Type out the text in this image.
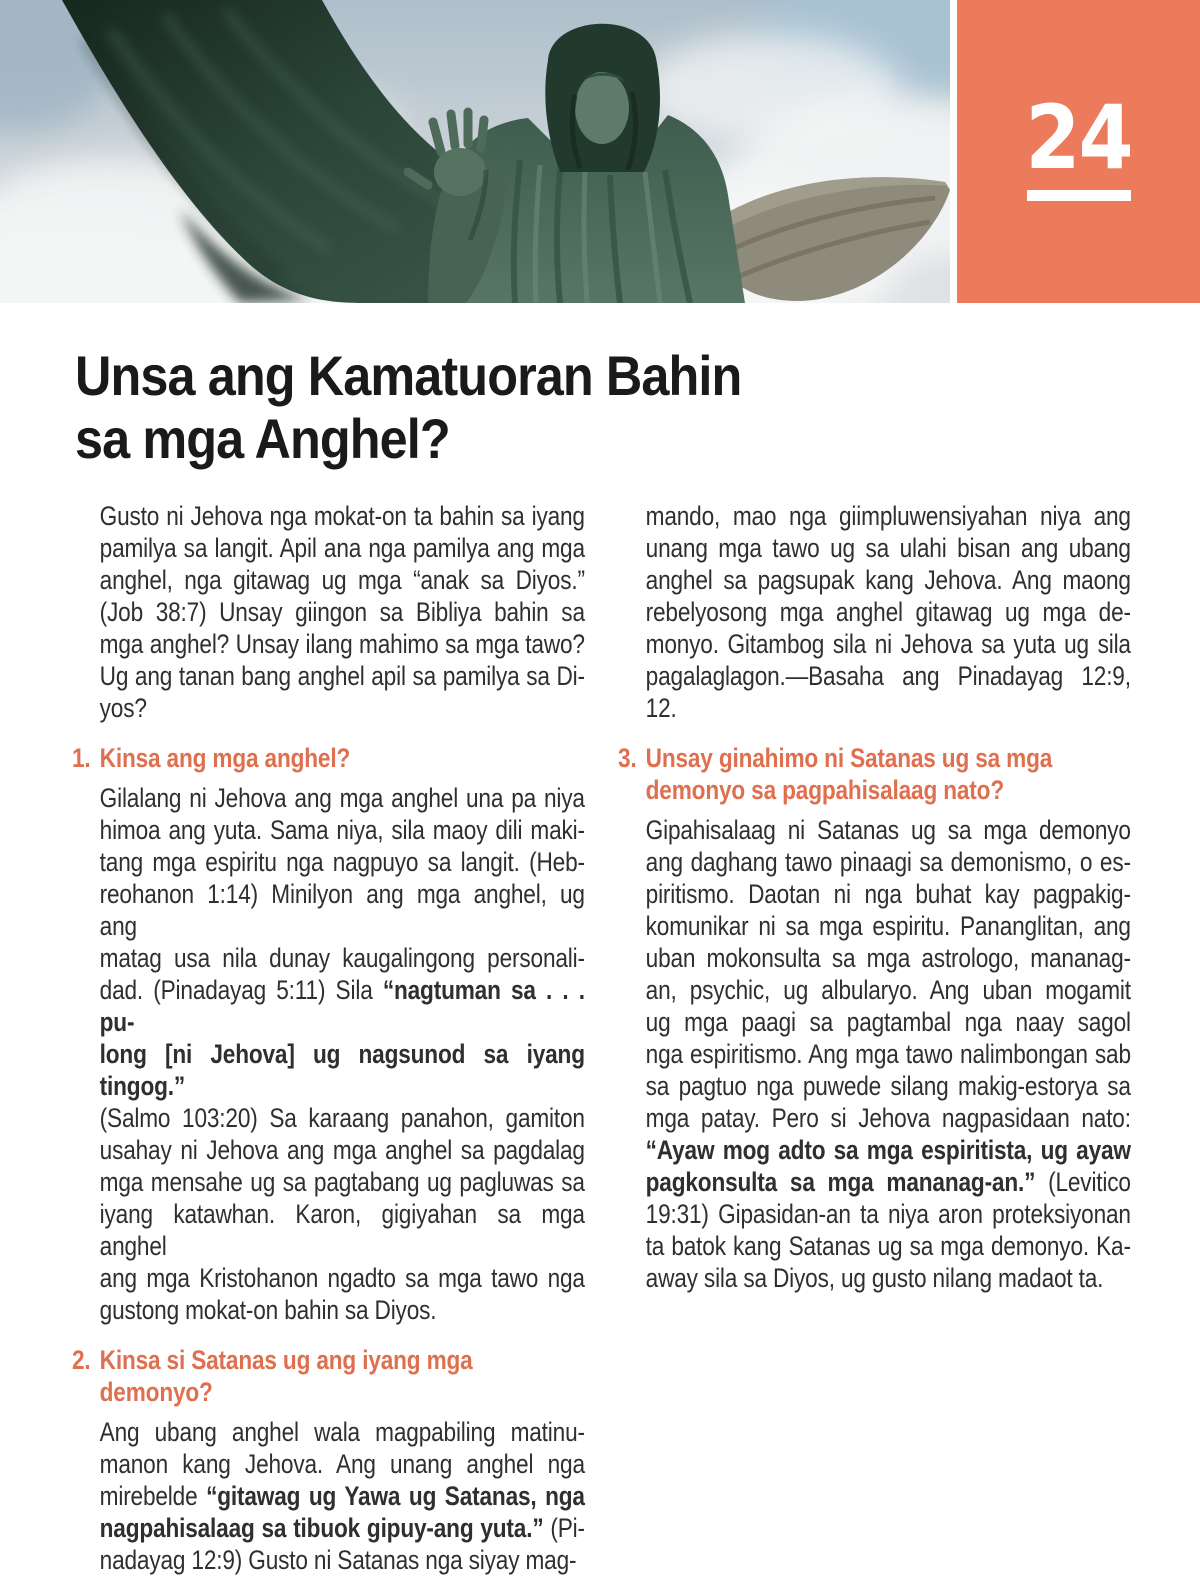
24
Unsa ang Kamatuoran Bahin
sa mga Anghel?
Gusto ni Jehova nga mokat-on ta bahin sa iyang
pamilya sa langit. Apil ana nga pamilya ang mga
anghel, nga gitawag ug mga “anak sa Diyos.”
(Job 38:7) Unsay giingon sa Bibliya bahin sa
mga anghel? Unsay ilang mahimo sa mga tawo?
Ug ang tanan bang anghel apil sa pamilya sa Di-
yos?
1. Kinsa ang mga anghel?
Gilalang ni Jehova ang mga anghel una pa niya
himoa ang yuta. Sama niya, sila maoy dili maki-
tang mga espiritu nga nagpuyo sa langit. (Heb-
reohanon 1:14) Minilyon ang mga anghel, ug ang
matag usa nila dunay kaugalingong personali-
dad. (Pinadayag 5:11) Sila “nagtuman sa . . . pu-
long [ni Jehova] ug nagsunod sa iyang tingog.”
(Salmo 103:20) Sa karaang panahon, gamiton
usahay ni Jehova ang mga anghel sa pagdalag
mga mensahe ug sa pagtabang ug pagluwas sa
iyang katawhan. Karon, gigiyahan sa mga anghel
ang mga Kristohanon ngadto sa mga tawo nga
gustong mokat-on bahin sa Diyos.
2. Kinsa si Satanas ug ang iyang mga demonyo?
Ang ubang anghel wala magpabiling matinu-
manon kang Jehova. Ang unang anghel nga
mirebelde “gitawag ug Yawa ug Satanas, nga
nagpahisalaag sa tibuok gipuy-ang yuta.” (Pi-
nadayag 12:9) Gusto ni Satanas nga siyay mag-
mando, mao nga giimpluwensiyahan niya ang
unang mga tawo ug sa ulahi bisan ang ubang
anghel sa pagsupak kang Jehova. Ang maong
rebelyosong mga anghel gitawag ug mga de-
monyo. Gitambog sila ni Jehova sa yuta ug sila
pagalaglagon.—Basaha ang Pinadayag 12:9, 12.
3. Unsay ginahimo ni Satanas ug sa mga
demonyo sa pagpahisalaag nato?
Gipahisalaag ni Satanas ug sa mga demonyo
ang daghang tawo pinaagi sa demonismo, o es-
piritismo. Daotan ni nga buhat kay pagpakig-
komunikar ni sa mga espiritu. Pananglitan, ang
uban mokonsulta sa mga astrologo, mananag-
an, psychic, ug albularyo. Ang uban mogamit
ug mga paagi sa pagtambal nga naay sagol
nga espiritismo. Ang mga tawo nalimbongan sab
sa pagtuo nga puwede silang makig-estorya sa
mga patay. Pero si Jehova nagpasidaan nato:
“Ayaw mog adto sa mga espiritista, ug ayaw
pagkonsulta sa mga mananag-an.” (Levitico
19:31) Gipasidan-an ta niya aron proteksiyonan
ta batok kang Satanas ug sa mga demonyo. Ka-
away sila sa Diyos, ug gusto nilang madaot ta.
